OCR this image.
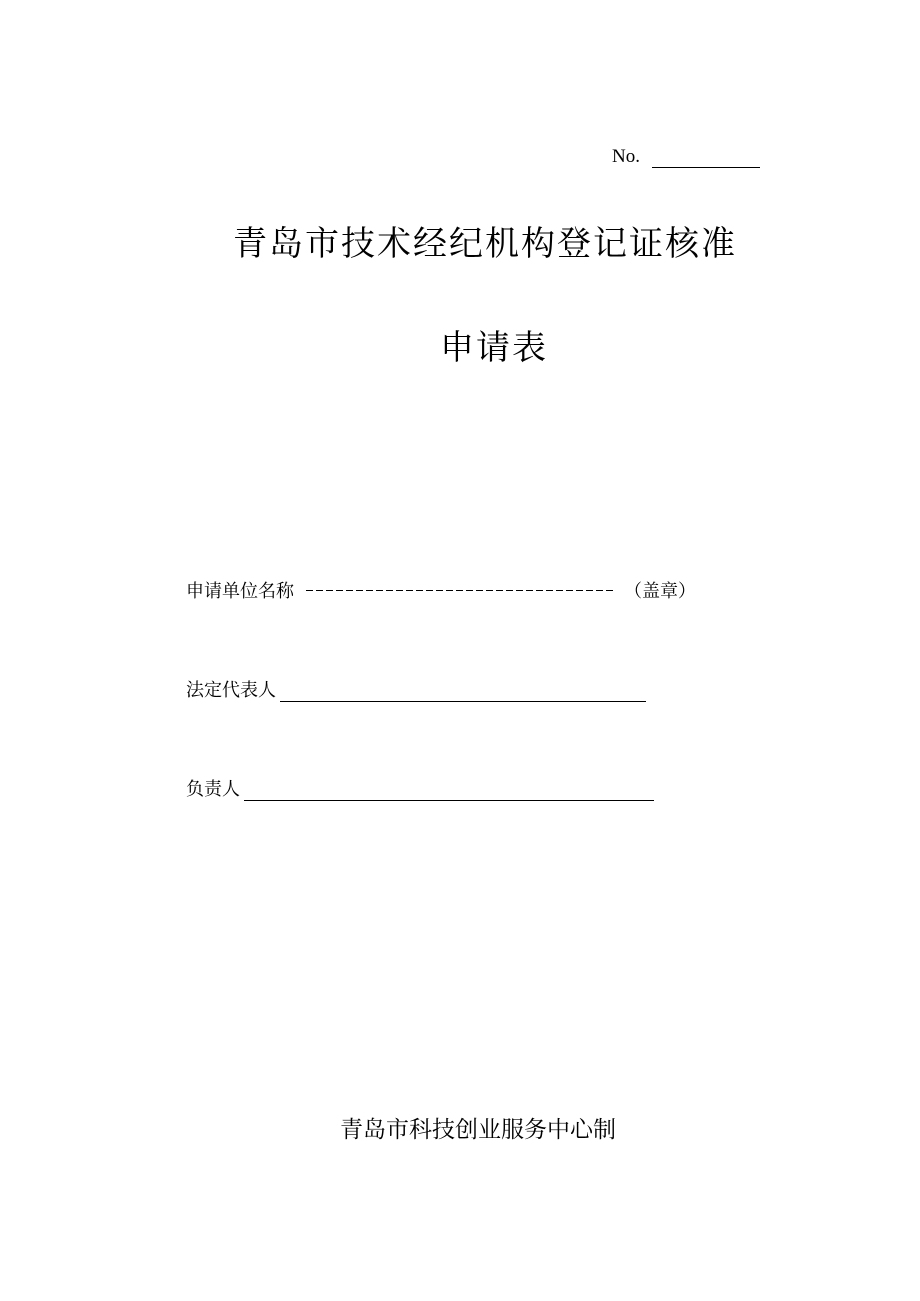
No.
青岛市技术经纪机构登记证核准
申请表
申请单位名称	（盖章）
法定代表人
负责人
青岛市科技创业服务中心制
